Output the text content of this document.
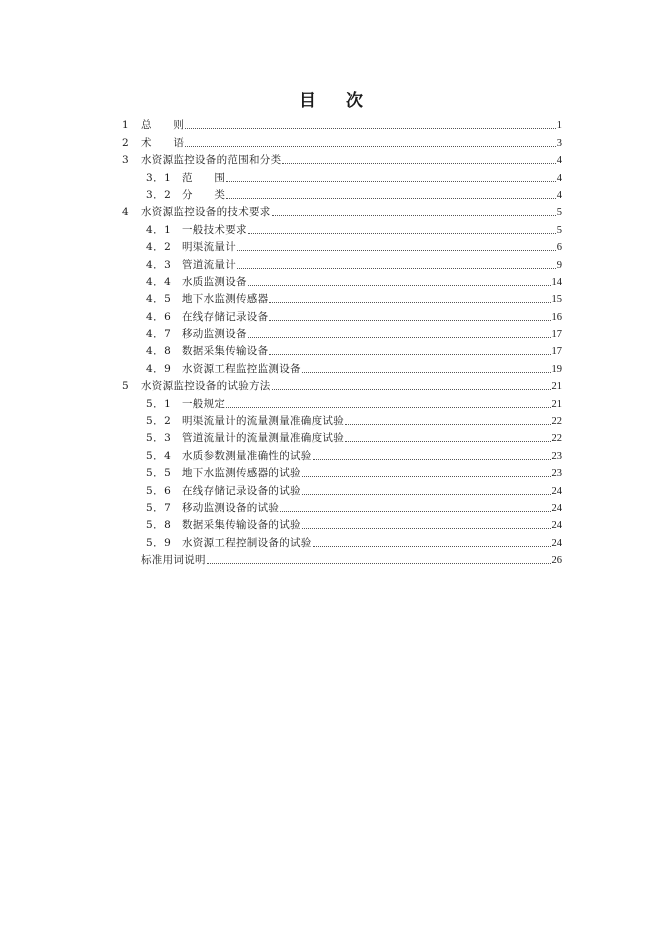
目 次
1	总　　则	1
2	术　　语	3
3	水资源监控设备的范围和分类	4
3．1	范　　围	4
3．2	分　　类	4
4	水资源监控设备的技术要求	5
4．1	一般技术要求	5
4．2	明渠流量计	6
4．3	管道流量计	9
4．4	水质监测设备	14
4．5	地下水监测传感器	15
4．6	在线存储记录设备	16
4．7	移动监测设备	17
4．8	数据采集传输设备	17
4．9	水资源工程监控监测设备	19
5	水资源监控设备的试验方法	21
5．1	一般规定	21
5．2	明渠流量计的流量测量准确度试验	22
5．3	管道流量计的流量测量准确度试验	22
5．4	水质参数测量准确性的试验	23
5．5	地下水监测传感器的试验	23
5．6	在线存储记录设备的试验	24
5．7	移动监测设备的试验	24
5．8	数据采集传输设备的试验	24
5．9	水资源工程控制设备的试验	24
标准用词说明	26
